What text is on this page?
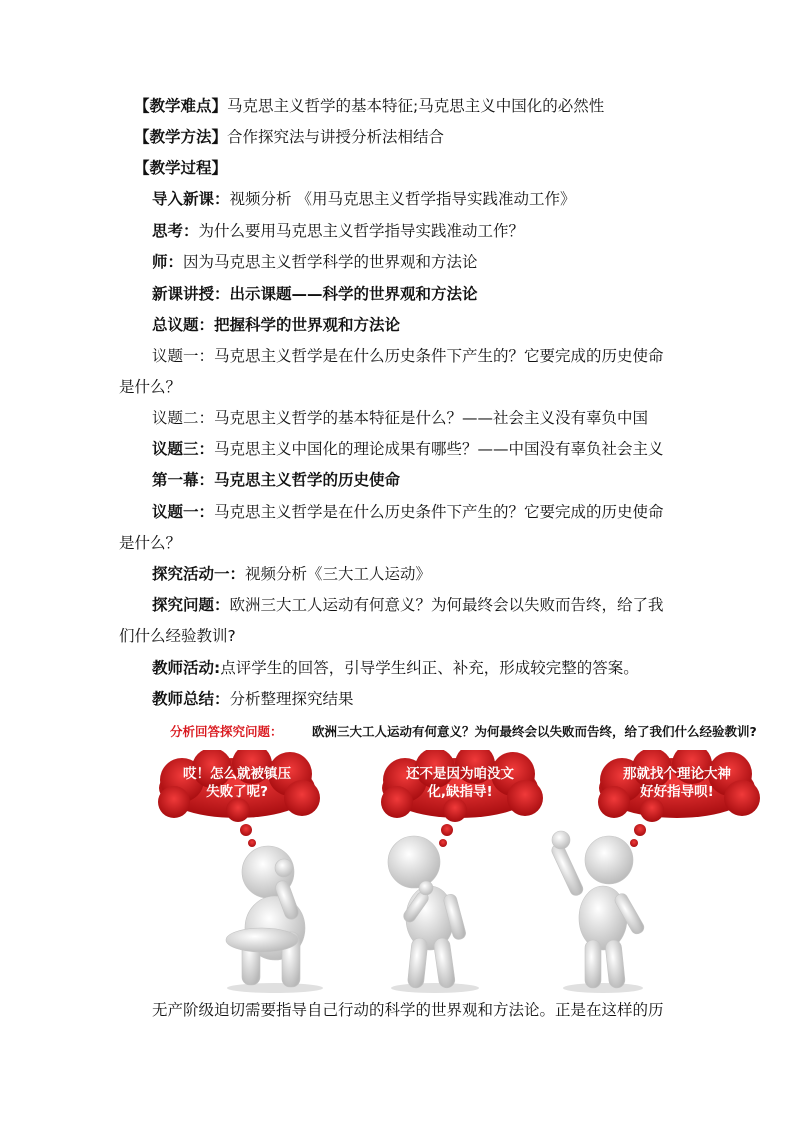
【教学难点】马克思主义哲学的基本特征;马克思主义中国化的必然性
【教学方法】合作探究法与讲授分析法相结合
【教学过程】
导入新课：视频分析 《用马克思主义哲学指导实践准动工作》
思考：为什么要用马克思主义哲学指导实践准动工作？
师：因为马克思主义哲学科学的世界观和方法论
新课讲授：出示课题——科学的世界观和方法论
总议题：把握科学的世界观和方法论
议题一：马克思主义哲学是在什么历史条件下产生的？它要完成的历史使命
是什么？
议题二：马克思主义哲学的基本特征是什么？——社会主义没有辜负中国
议题三：马克思主义中国化的理论成果有哪些？——中国没有辜负社会主义
第一幕：马克思主义哲学的历史使命
议题一：马克思主义哲学是在什么历史条件下产生的？它要完成的历史使命
是什么？
探究活动一：视频分析《三大工人运动》
探究问题：欧洲三大工人运动有何意义？为何最终会以失败而告终，给了我
们什么经验教训?
教师活动:点评学生的回答，引导学生纠正、补充，形成较完整的答案。
教师总结：分析整理探究结果
分析回答探究问题： 欧洲三大工人运动有何意义？为何最终会以失败而告终，给了我们什么经验教训?
哎！怎么就被镇压
失败了呢?
还不是因为咱没文
化,缺指导!
那就找个理论大神
好好指导呗!
无产阶级迫切需要指导自己行动的科学的世界观和方法论。正是在这样的历
